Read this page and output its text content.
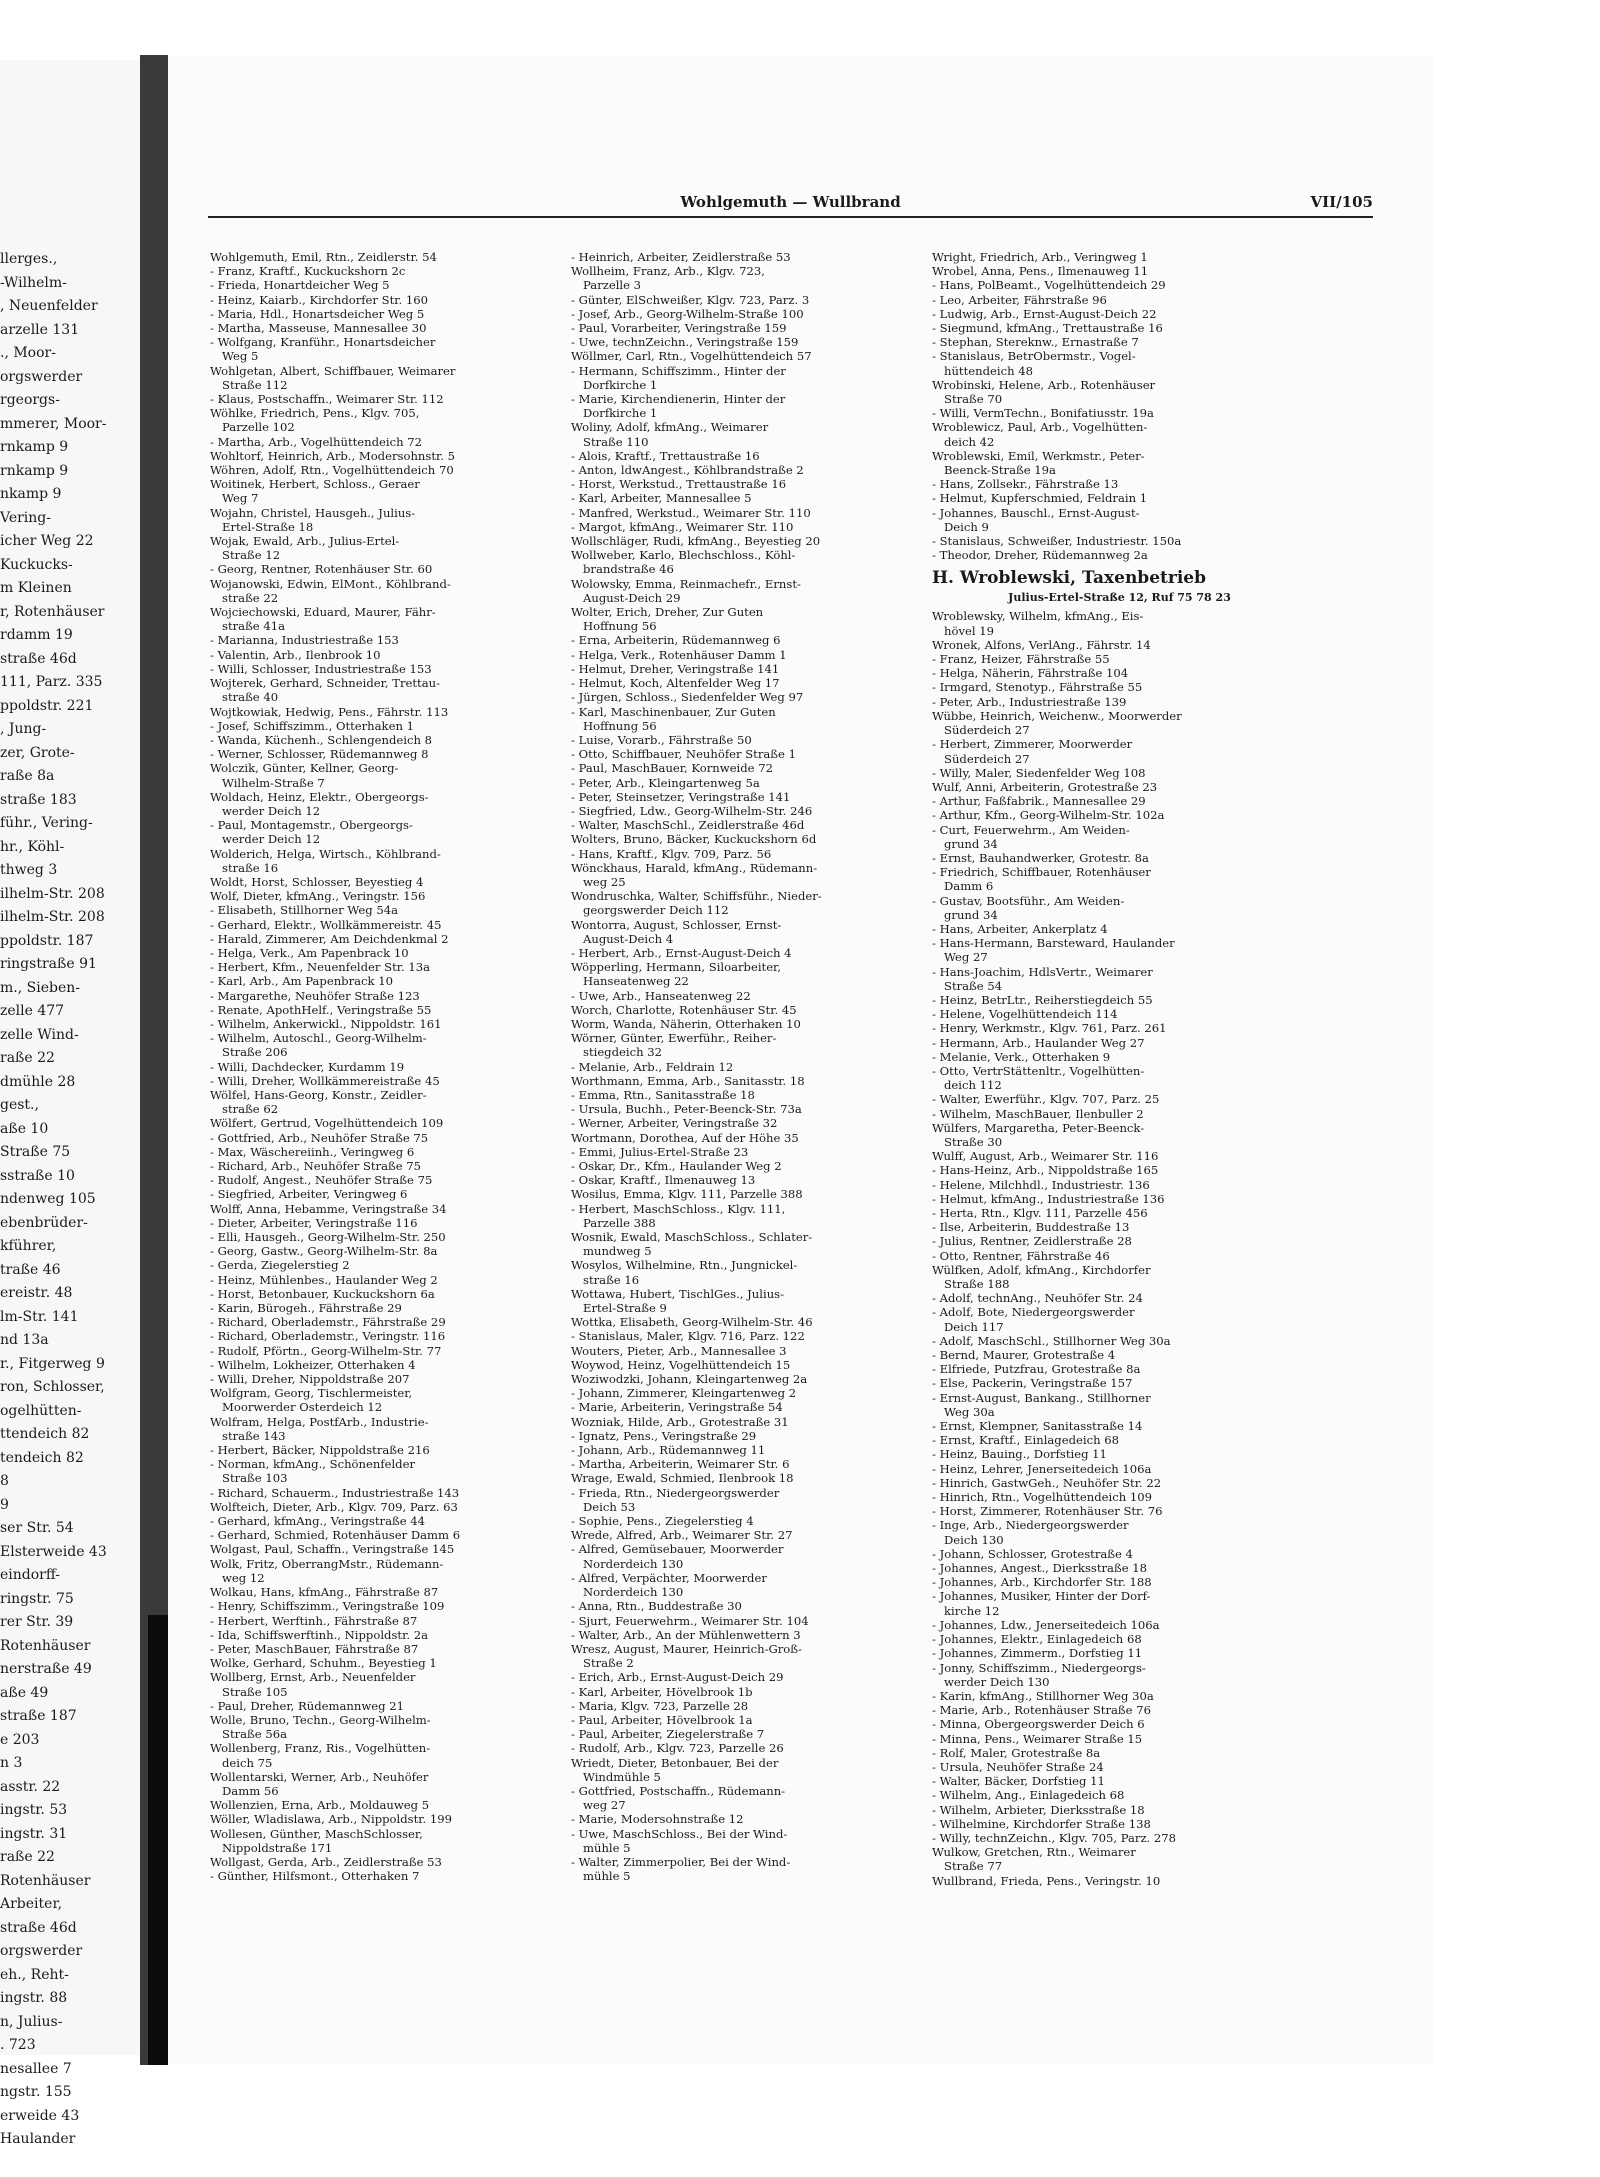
llerges.,
-Wilhelm-
, Neuenfelder
arzelle 131
., Moor-
orgswerder
rgeorgs-
mmerer, Moor-
rnkamp 9
rnkamp 9
nkamp 9
Vering-
icher Weg 22
Kuckucks-
m Kleinen
r, Rotenhäuser
rdamm 19
straße 46d
111, Parz. 335
ppoldstr. 221
, Jung-
zer, Grote-
raße 8a
straße 183
führ., Vering-
hr., Köhl-
thweg 3
ilhelm-Str. 208
ilhelm-Str. 208
ppoldstr. 187
ringstraße 91
m., Sieben-
zelle 477
zelle Wind-
raße 22
dmühle 28
gest.,
aße 10
Straße 75
sstraße 10
ndenweg 105
ebenbrüder-
kführer,
traße 46
ereistr. 48
lm-Str. 141
nd 13a
r., Fitgerweg 9
ron, Schlosser,
ogelhütten-
ttendeich 82
tendeich 82
8
9
ser Str. 54
Elsterweide 43
eindorff-
ringstr. 75
rer Str. 39
Rotenhäuser
nerstraße 49
aße 49
straße 187
e 203
n 3
asstr. 22
ingstr. 53
ingstr. 31
raße 22
Rotenhäuser
Arbeiter,
straße 46d
orgswerder
eh., Reht-
ingstr. 88
n, Julius-
. 723
nesallee 7
ngstr. 155
erweide 43
Haulander
Wohlgemuth — Wullbrand	VII/105
Wohlgemuth, Emil, Rtn., Zeidlerstr. 54
- Franz, Kraftf., Kuckuckshorn 2c
- Frieda, Honartdeicher Weg 5
- Heinz, Kaiarb., Kirchdorfer Str. 160
- Maria, Hdl., Honartsdeicher Weg 5
- Martha, Masseuse, Mannesallee 30
- Wolfgang, Kranführ., Honartsdeicher
Weg 5
Wohlgetan, Albert, Schiffbauer, Weimarer
Straße 112
- Klaus, Postschaffn., Weimarer Str. 112
Wöhlke, Friedrich, Pens., Klgv. 705,
Parzelle 102
- Martha, Arb., Vogelhüttendeich 72
Wohltorf, Heinrich, Arb., Modersohnstr. 5
Wöhren, Adolf, Rtn., Vogelhüttendeich 70
Woitinek, Herbert, Schloss., Geraer
Weg 7
Wojahn, Christel, Hausgeh., Julius-
Ertel-Straße 18
Wojak, Ewald, Arb., Julius-Ertel-
Straße 12
- Georg, Rentner, Rotenhäuser Str. 60
Wojanowski, Edwin, ElMont., Köhlbrand-
straße 22
Wojciechowski, Eduard, Maurer, Fähr-
straße 41a
- Marianna, Industriestraße 153
- Valentin, Arb., Ilenbrook 10
- Willi, Schlosser, Industriestraße 153
Wojterek, Gerhard, Schneider, Trettau-
straße 40
Wojtkowiak, Hedwig, Pens., Fährstr. 113
- Josef, Schiffszimm., Otterhaken 1
- Wanda, Küchenh., Schlengendeich 8
- Werner, Schlosser, Rüdemannweg 8
Wolczik, Günter, Kellner, Georg-
Wilhelm-Straße 7
Woldach, Heinz, Elektr., Obergeorgs-
werder Deich 12
- Paul, Montagemstr., Obergeorgs-
werder Deich 12
Wolderich, Helga, Wirtsch., Köhlbrand-
straße 16
Woldt, Horst, Schlosser, Beyestieg 4
Wolf, Dieter, kfmAng., Veringstr. 156
- Elisabeth, Stillhorner Weg 54a
- Gerhard, Elektr., Wollkämmereistr. 45
- Harald, Zimmerer, Am Deichdenkmal 2
- Helga, Verk., Am Papenbrack 10
- Herbert, Kfm., Neuenfelder Str. 13a
- Karl, Arb., Am Papenbrack 10
- Margarethe, Neuhöfer Straße 123
- Renate, ApothHelf., Veringstraße 55
- Wilhelm, Ankerwickl., Nippoldstr. 161
- Wilhelm, Autoschl., Georg-Wilhelm-
Straße 206
- Willi, Dachdecker, Kurdamm 19
- Willi, Dreher, Wollkämmereistraße 45
Wölfel, Hans-Georg, Konstr., Zeidler-
straße 62
Wölfert, Gertrud, Vogelhüttendeich 109
- Gottfried, Arb., Neuhöfer Straße 75
- Max, Wäschereiinh., Veringweg 6
- Richard, Arb., Neuhöfer Straße 75
- Rudolf, Angest., Neuhöfer Straße 75
- Siegfried, Arbeiter, Veringweg 6
Wolff, Anna, Hebamme, Veringstraße 34
- Dieter, Arbeiter, Veringstraße 116
- Elli, Hausgeh., Georg-Wilhelm-Str. 250
- Georg, Gastw., Georg-Wilhelm-Str. 8a
- Gerda, Ziegelerstieg 2
- Heinz, Mühlenbes., Haulander Weg 2
- Horst, Betonbauer, Kuckuckshorn 6a
- Karin, Bürogeh., Fährstraße 29
- Richard, Oberlademstr., Fährstraße 29
- Richard, Oberlademstr., Veringstr. 116
- Rudolf, Pförtn., Georg-Wilhelm-Str. 77
- Wilhelm, Lokheizer, Otterhaken 4
- Willi, Dreher, Nippoldstraße 207
Wolfgram, Georg, Tischlermeister,
Moorwerder Osterdeich 12
Wolfram, Helga, PostfArb., Industrie-
straße 143
- Herbert, Bäcker, Nippoldstraße 216
- Norman, kfmAng., Schönenfelder
Straße 103
- Richard, Schauerm., Industriestraße 143
Wolfteich, Dieter, Arb., Klgv. 709, Parz. 63
- Gerhard, kfmAng., Veringstraße 44
- Gerhard, Schmied, Rotenhäuser Damm 6
Wolgast, Paul, Schaffn., Veringstraße 145
Wolk, Fritz, OberrangMstr., Rüdemann-
weg 12
Wolkau, Hans, kfmAng., Fährstraße 87
- Henry, Schiffszimm., Veringstraße 109
- Herbert, Werftinh., Fährstraße 87
- Ida, Schiffswerftinh., Nippoldstr. 2a
- Peter, MaschBauer, Fährstraße 87
Wolke, Gerhard, Schuhm., Beyestieg 1
Wollberg, Ernst, Arb., Neuenfelder
Straße 105
- Paul, Dreher, Rüdemannweg 21
Wolle, Bruno, Techn., Georg-Wilhelm-
Straße 56a
Wollenberg, Franz, Ris., Vogelhütten-
deich 75
Wollentarski, Werner, Arb., Neuhöfer
Damm 56
Wollenzien, Erna, Arb., Moldauweg 5
Wöller, Wladislawa, Arb., Nippoldstr. 199
Wollesen, Günther, MaschSchlosser,
Nippoldstraße 171
Wollgast, Gerda, Arb., Zeidlerstraße 53
- Günther, Hilfsmont., Otterhaken 7
- Heinrich, Arbeiter, Zeidlerstraße 53
Wollheim, Franz, Arb., Klgv. 723,
Parzelle 3
- Günter, ElSchweißer, Klgv. 723, Parz. 3
- Josef, Arb., Georg-Wilhelm-Straße 100
- Paul, Vorarbeiter, Veringstraße 159
- Uwe, technZeichn., Veringstraße 159
Wöllmer, Carl, Rtn., Vogelhüttendeich 57
- Hermann, Schiffszimm., Hinter der
Dorfkirche 1
- Marie, Kirchendienerin, Hinter der
Dorfkirche 1
Woliny, Adolf, kfmAng., Weimarer
Straße 110
- Alois, Kraftf., Trettaustraße 16
- Anton, ldwAngest., Köhlbrandstraße 2
- Horst, Werkstud., Trettaustraße 16
- Karl, Arbeiter, Mannesallee 5
- Manfred, Werkstud., Weimarer Str. 110
- Margot, kfmAng., Weimarer Str. 110
Wollschläger, Rudi, kfmAng., Beyestieg 20
Wollweber, Karlo, Blechschloss., Köhl-
brandstraße 46
Wolowsky, Emma, Reinmachefr., Ernst-
August-Deich 29
Wolter, Erich, Dreher, Zur Guten
Hoffnung 56
- Erna, Arbeiterin, Rüdemannweg 6
- Helga, Verk., Rotenhäuser Damm 1
- Helmut, Dreher, Veringstraße 141
- Helmut, Koch, Altenfelder Weg 17
- Jürgen, Schloss., Siedenfelder Weg 97
- Karl, Maschinenbauer, Zur Guten
Hoffnung 56
- Luise, Vorarb., Fährstraße 50
- Otto, Schiffbauer, Neuhöfer Straße 1
- Paul, MaschBauer, Kornweide 72
- Peter, Arb., Kleingartenweg 5a
- Peter, Steinsetzer, Veringstraße 141
- Siegfried, Ldw., Georg-Wilhelm-Str. 246
- Walter, MaschSchl., Zeidlerstraße 46d
Wolters, Bruno, Bäcker, Kuckuckshorn 6d
- Hans, Kraftf., Klgv. 709, Parz. 56
Wönckhaus, Harald, kfmAng., Rüdemann-
weg 25
Wondruschka, Walter, Schiffsführ., Nieder-
georgswerder Deich 112
Wontorra, August, Schlosser, Ernst-
August-Deich 4
- Herbert, Arb., Ernst-August-Deich 4
Wöpperling, Hermann, Siloarbeiter,
Hanseatenweg 22
- Uwe, Arb., Hanseatenweg 22
Worch, Charlotte, Rotenhäuser Str. 45
Worm, Wanda, Näherin, Otterhaken 10
Wörner, Günter, Ewerführ., Reiher-
stiegdeich 32
- Melanie, Arb., Feldrain 12
Worthmann, Emma, Arb., Sanitasstr. 18
- Emma, Rtn., Sanitasstraße 18
- Ursula, Buchh., Peter-Beenck-Str. 73a
- Werner, Arbeiter, Veringstraße 32
Wortmann, Dorothea, Auf der Höhe 35
- Emmi, Julius-Ertel-Straße 23
- Oskar, Dr., Kfm., Haulander Weg 2
- Oskar, Kraftf., Ilmenauweg 13
Wosilus, Emma, Klgv. 111, Parzelle 388
- Herbert, MaschSchloss., Klgv. 111,
Parzelle 388
Wosnik, Ewald, MaschSchloss., Schlater-
mundweg 5
Wosylos, Wilhelmine, Rtn., Jungnickel-
straße 16
Wottawa, Hubert, TischlGes., Julius-
Ertel-Straße 9
Wottka, Elisabeth, Georg-Wilhelm-Str. 46
- Stanislaus, Maler, Klgv. 716, Parz. 122
Wouters, Pieter, Arb., Mannesallee 3
Woywod, Heinz, Vogelhüttendeich 15
Woziwodzki, Johann, Kleingartenweg 2a
- Johann, Zimmerer, Kleingartenweg 2
- Marie, Arbeiterin, Veringstraße 54
Wozniak, Hilde, Arb., Grotestraße 31
- Ignatz, Pens., Veringstraße 29
- Johann, Arb., Rüdemannweg 11
- Martha, Arbeiterin, Weimarer Str. 6
Wrage, Ewald, Schmied, Ilenbrook 18
- Frieda, Rtn., Niedergeorgswerder
Deich 53
- Sophie, Pens., Ziegelerstieg 4
Wrede, Alfred, Arb., Weimarer Str. 27
- Alfred, Gemüsebauer, Moorwerder
Norderdeich 130
- Alfred, Verpächter, Moorwerder
Norderdeich 130
- Anna, Rtn., Buddestraße 30
- Sjurt, Feuerwehrm., Weimarer Str. 104
- Walter, Arb., An der Mühlenwettern 3
Wresz, August, Maurer, Heinrich-Groß-
Straße 2
- Erich, Arb., Ernst-August-Deich 29
- Karl, Arbeiter, Hövelbrook 1b
- Maria, Klgv. 723, Parzelle 28
- Paul, Arbeiter, Hövelbrook 1a
- Paul, Arbeiter, Ziegelerstraße 7
- Rudolf, Arb., Klgv. 723, Parzelle 26
Wriedt, Dieter, Betonbauer, Bei der
Windmühle 5
- Gottfried, Postschaffn., Rüdemann-
weg 27
- Marie, Modersohnstraße 12
- Uwe, MaschSchloss., Bei der Wind-
mühle 5
- Walter, Zimmerpolier, Bei der Wind-
mühle 5
Wright, Friedrich, Arb., Veringweg 1
Wrobel, Anna, Pens., Ilmenauweg 11
- Hans, PolBeamt., Vogelhüttendeich 29
- Leo, Arbeiter, Fährstraße 96
- Ludwig, Arb., Ernst-August-Deich 22
- Siegmund, kfmAng., Trettaustraße 16
- Stephan, Stereknw., Ernastraße 7
- Stanislaus, BetrObermstr., Vogel-
hüttendeich 48
Wrobinski, Helene, Arb., Rotenhäuser
Straße 70
- Willi, VermTechn., Bonifatiusstr. 19a
Wroblewicz, Paul, Arb., Vogelhütten-
deich 42
Wroblewski, Emil, Werkmstr., Peter-
Beenck-Straße 19a
- Hans, Zollsekr., Fährstraße 13
- Helmut, Kupferschmied, Feldrain 1
- Johannes, Bauschl., Ernst-August-
Deich 9
- Stanislaus, Schweißer, Industriestr. 150a
- Theodor, Dreher, Rüdemannweg 2a
H. Wroblewski, Taxenbetrieb
Julius-Ertel-Straße 12, Ruf 75 78 23
Wroblewsky, Wilhelm, kfmAng., Eis-
hövel 19
Wronek, Alfons, VerlAng., Fährstr. 14
- Franz, Heizer, Fährstraße 55
- Helga, Näherin, Fährstraße 104
- Irmgard, Stenotyp., Fährstraße 55
- Peter, Arb., Industriestraße 139
Wübbe, Heinrich, Weichenw., Moorwerder
Süderdeich 27
- Herbert, Zimmerer, Moorwerder
Süderdeich 27
- Willy, Maler, Siedenfelder Weg 108
Wulf, Anni, Arbeiterin, Grotestraße 23
- Arthur, Faßfabrik., Mannesallee 29
- Arthur, Kfm., Georg-Wilhelm-Str. 102a
- Curt, Feuerwehrm., Am Weiden-
grund 34
- Ernst, Bauhandwerker, Grotestr. 8a
- Friedrich, Schiffbauer, Rotenhäuser
Damm 6
- Gustav, Bootsführ., Am Weiden-
grund 34
- Hans, Arbeiter, Ankerplatz 4
- Hans-Hermann, Barsteward, Haulander
Weg 27
- Hans-Joachim, HdlsVertr., Weimarer
Straße 54
- Heinz, BetrLtr., Reiherstiegdeich 55
- Helene, Vogelhüttendeich 114
- Henry, Werkmstr., Klgv. 761, Parz. 261
- Hermann, Arb., Haulander Weg 27
- Melanie, Verk., Otterhaken 9
- Otto, VertrStättenltr., Vogelhütten-
deich 112
- Walter, Ewerführ., Klgv. 707, Parz. 25
- Wilhelm, MaschBauer, Ilenbuller 2
Wülfers, Margaretha, Peter-Beenck-
Straße 30
Wulff, August, Arb., Weimarer Str. 116
- Hans-Heinz, Arb., Nippoldstraße 165
- Helene, Milchhdl., Industriestr. 136
- Helmut, kfmAng., Industriestraße 136
- Herta, Rtn., Klgv. 111, Parzelle 456
- Ilse, Arbeiterin, Buddestraße 13
- Julius, Rentner, Zeidlerstraße 28
- Otto, Rentner, Fährstraße 46
Wülfken, Adolf, kfmAng., Kirchdorfer
Straße 188
- Adolf, technAng., Neuhöfer Str. 24
- Adolf, Bote, Niedergeorgswerder
Deich 117
- Adolf, MaschSchl., Stillhorner Weg 30a
- Bernd, Maurer, Grotestraße 4
- Elfriede, Putzfrau, Grotestraße 8a
- Else, Packerin, Veringstraße 157
- Ernst-August, Bankang., Stillhorner
Weg 30a
- Ernst, Klempner, Sanitasstraße 14
- Ernst, Kraftf., Einlagedeich 68
- Heinz, Bauing., Dorfstieg 11
- Heinz, Lehrer, Jenerseitedeich 106a
- Hinrich, GastwGeh., Neuhöfer Str. 22
- Hinrich, Rtn., Vogelhüttendeich 109
- Horst, Zimmerer, Rotenhäuser Str. 76
- Inge, Arb., Niedergeorgswerder
Deich 130
- Johann, Schlosser, Grotestraße 4
- Johannes, Angest., Dierksstraße 18
- Johannes, Arb., Kirchdorfer Str. 188
- Johannes, Musiker, Hinter der Dorf-
kirche 12
- Johannes, Ldw., Jenerseitedeich 106a
- Johannes, Elektr., Einlagedeich 68
- Johannes, Zimmerm., Dorfstieg 11
- Jonny, Schiffszimm., Niedergeorgs-
werder Deich 130
- Karin, kfmAng., Stillhorner Weg 30a
- Marie, Arb., Rotenhäuser Straße 76
- Minna, Obergeorgswerder Deich 6
- Minna, Pens., Weimarer Straße 15
- Rolf, Maler, Grotestraße 8a
- Ursula, Neuhöfer Straße 24
- Walter, Bäcker, Dorfstieg 11
- Wilhelm, Ang., Einlagedeich 68
- Wilhelm, Arbieter, Dierksstraße 18
- Wilhelmine, Kirchdorfer Straße 138
- Willy, technZeichn., Klgv. 705, Parz. 278
Wulkow, Gretchen, Rtn., Weimarer
Straße 77
Wullbrand, Frieda, Pens., Veringstr. 10
